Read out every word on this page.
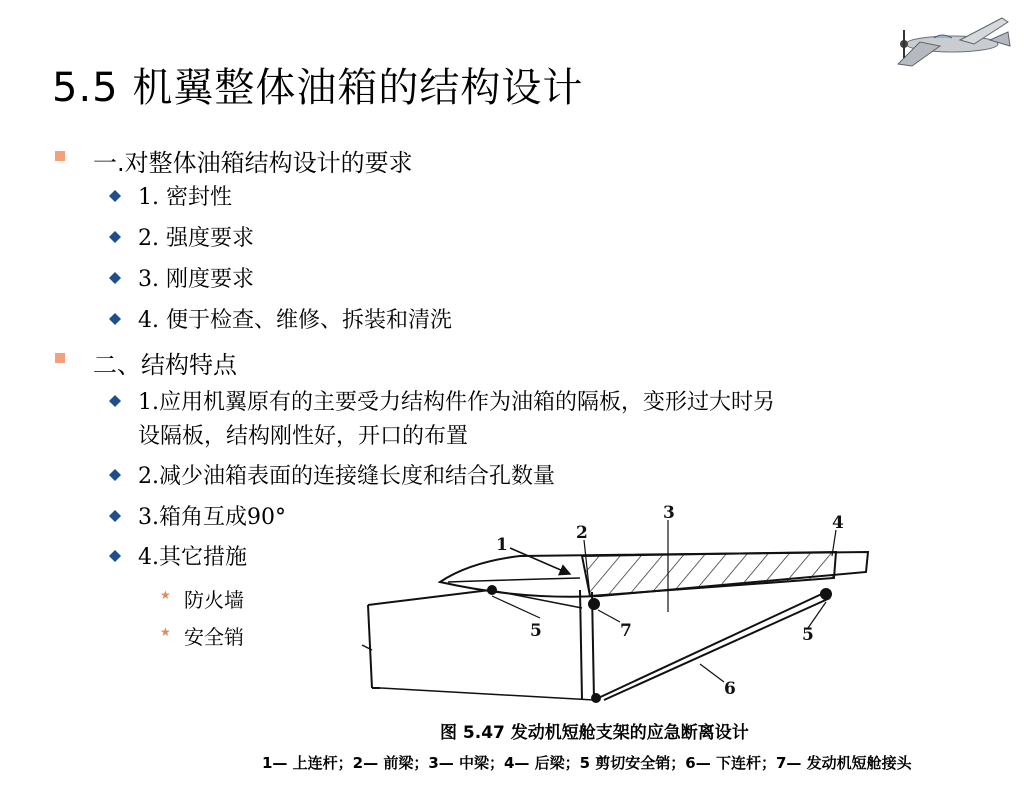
5.5 机翼整体油箱的结构设计
一.对整体油箱结构设计的要求
1. 密封性
2. 强度要求
3. 刚度要求
4. 便于检查、维修、拆装和清洗
二、结构特点
1.应用机翼原有的主要受力结构件作为油箱的隔板，变形过大时另
设隔板，结构刚性好，开口的布置
2.减少油箱表面的连接缝长度和结合孔数量
3.箱角互成90°
4.其它措施
★ 防火墙
★ 安全销
1
2
3	4
5	7	5
6
图 5.47 发动机短舱支架的应急断离设计
1— 上连杆；2— 前梁；3— 中梁；4— 后梁；5 剪切安全销；6— 下连杆；7— 发动机短舱接头
